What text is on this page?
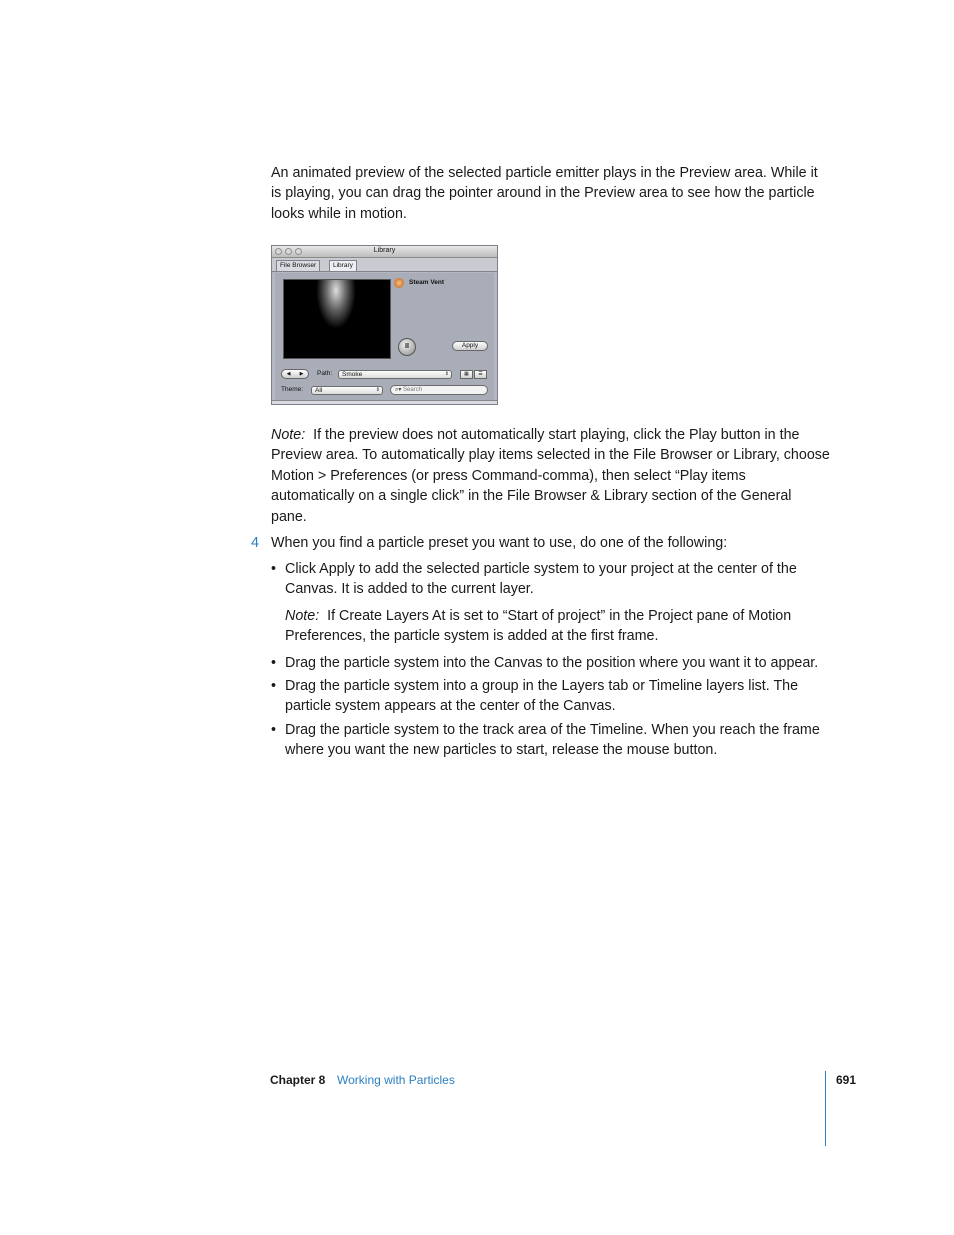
An animated preview of the selected particle emitter plays in the Preview area. While it is playing, you can drag the pointer around in the Preview area to see how the particle looks while in motion.

Library
File Browser	Library
Steam Vent
II	Apply
◀ ▶ Path:	Smoke	⇕	▦	☰
Theme:	All	⇕	⌕▾ Search

Note: If the preview does not automatically start playing, click the Play button in the Preview area. To automatically play items selected in the File Browser or Library, choose Motion > Preferences (or press Command-comma), then select “Play items automatically on a single click” in the File Browser & Library section of the General pane.

4 When you find a particle preset you want to use, do one of the following:

• Click Apply to add the selected particle system to your project at the center of the Canvas. It is added to the current layer.

Note: If Create Layers At is set to “Start of project” in the Project pane of Motion Preferences, the particle system is added at the first frame.

• Drag the particle system into the Canvas to the position where you want it to appear.

• Drag the particle system into a group in the Layers tab or Timeline layers list. The particle system appears at the center of the Canvas.

• Drag the particle system to the track area of the Timeline. When you reach the frame where you want the new particles to start, release the mouse button.

Chapter 8 Working with Particles	691
